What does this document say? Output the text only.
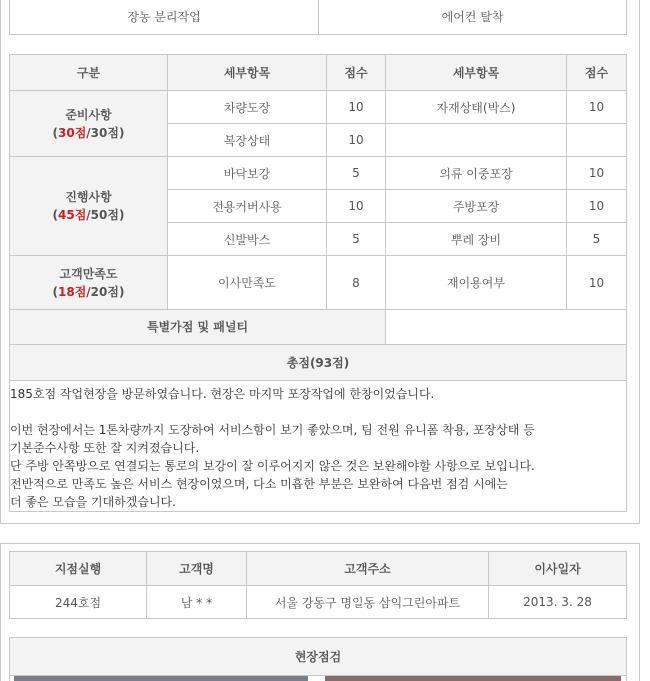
장농 분리작업	에어컨 탈착
구분	세부항목	점수	세부항목	점수

준비사항
(30점/30점)	차량도장	10	자재상태(박스)	10
	복장상태	10		

진행사항
(45점/50점)	바닥보강	5	의류 이중포장	10
	전용커버사용	10	주방포장	10
	신발박스	5	뿌레 장비	5

고객만족도
(18점/20점)	이사만족도	8	재이용여부	10
특별가점 및 패널티				
총점(93점)				

185호점 작업현장을 방문하였습니다. 현장은 마지막 포장작업에 한창이었습니다.

이번 현장에서는 1톤차량까지 도장하여 서비스함이 보기 좋았으며, 팀 전원 유니폼 착용, 포장상태 등

기본준수사항 또한 잘 지켜졌습니다.

단 주방 안쪽방으로 연결되는 통로의 보강이 잘 이루어지지 않은 것은 보완해야할 사항으로 보입니다.

전반적으로 만족도 높은 서비스 현장이었으며, 다소 미흡한 부분은 보완하여 다음번 점검 시에는

더 좋은 모습을 기대하겠습니다.

지점실행	고객명	고객주소	이사일자
244호점	남 * *	서울 강동구 명일동 삼익그린아파트	2013. 3. 28
현장점검
